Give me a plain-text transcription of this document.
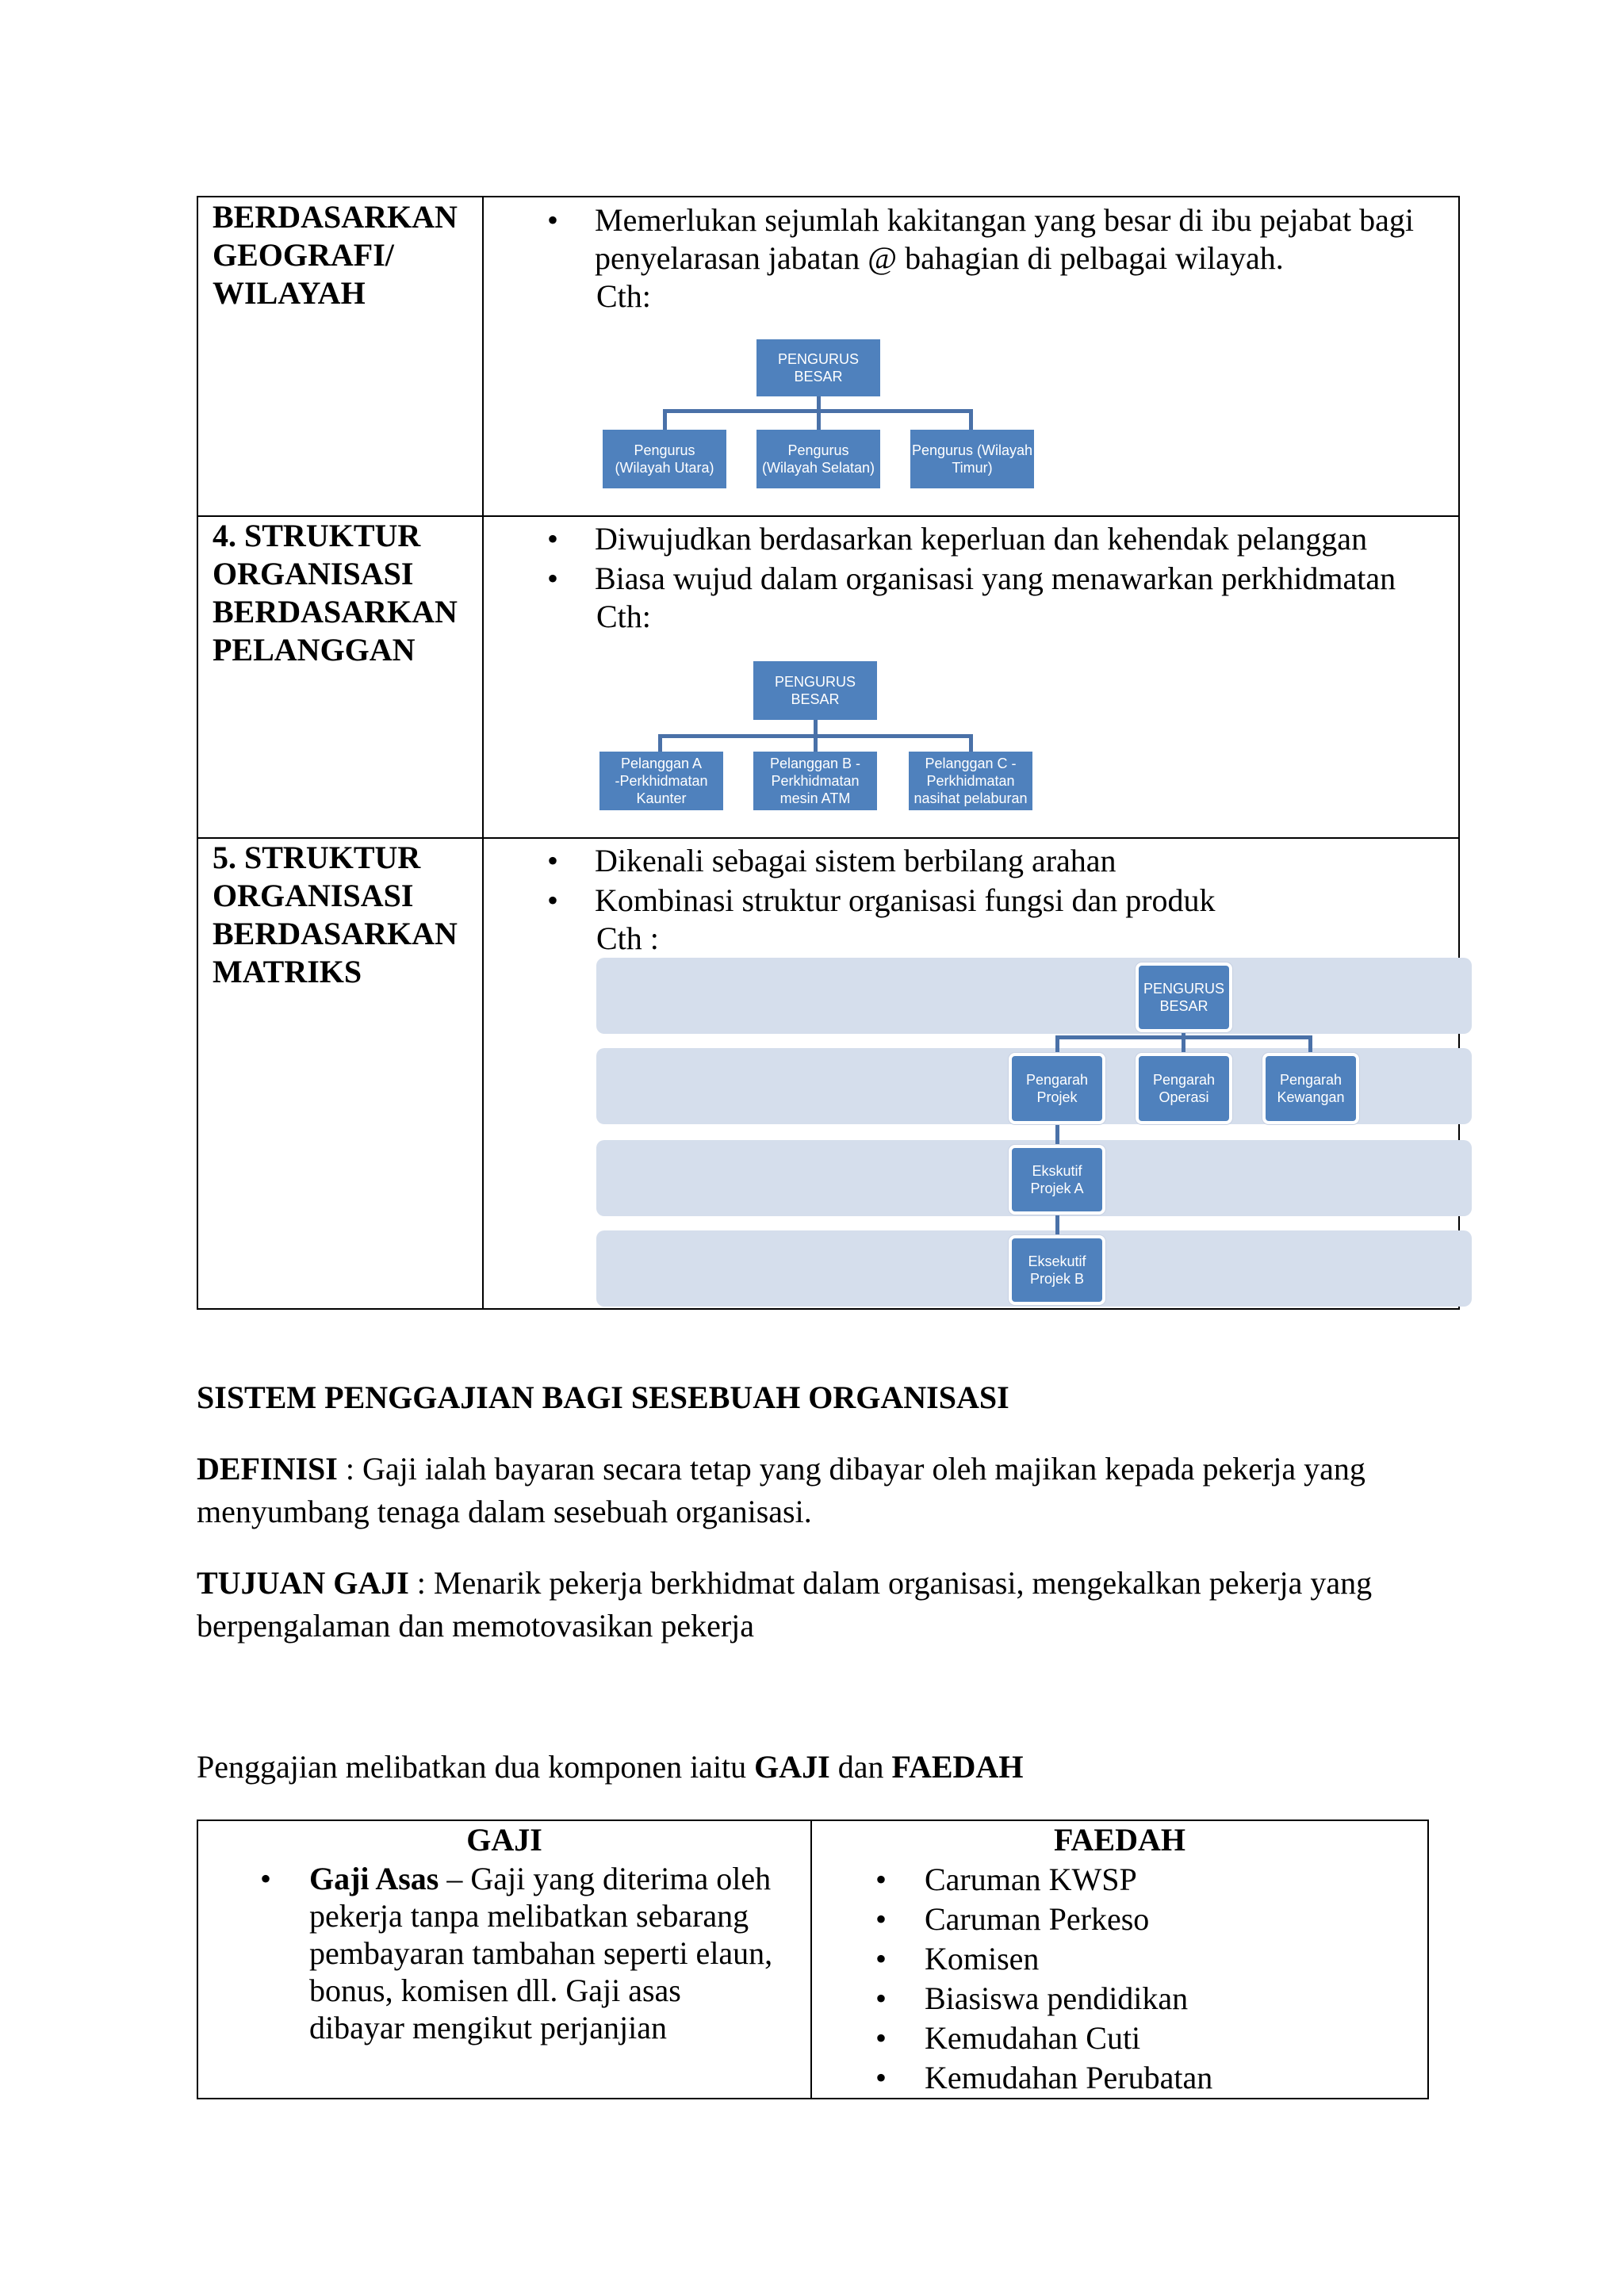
BERDASARKAN
GEOGRAFI/
WILAYAH
• Memerlukan sejumlah kakitangan yang besar di ibu pejabat bagi
penyelarasan jabatan @ bahagian di pelbagai wilayah.
Cth:
PENGURUS BESAR
Pengurus
(Wilayah Utara)
Pengurus
(Wilayah Selatan)
Pengurus (Wilayah
Timur)
4. STRUKTUR
ORGANISASI
BERDASARKAN
PELANGGAN
• Diwujudkan berdasarkan keperluan dan kehendak pelanggan
• Biasa wujud dalam organisasi yang menawarkan perkhidmatan
Cth:
PENGURUS BESAR
Pelanggan A
-Perkhidmatan
Kaunter
Pelanggan B -
Perkhidmatan
mesin ATM
Pelanggan C -
Perkhidmatan
nasihat pelaburan
5. STRUKTUR
ORGANISASI
BERDASARKAN
MATRIKS
• Dikenali sebagai sistem berbilang arahan
• Kombinasi struktur organisasi fungsi dan produk
Cth :
PENGURUS
BESAR
Pengarah
Projek
Pengarah
Operasi
Pengarah
Kewangan
Ekskutif
Projek A
Eksekutif
Projek B
SISTEM PENGGAJIAN BAGI SESEBUAH ORGANISASI
DEFINISI : Gaji ialah bayaran secara tetap yang dibayar oleh majikan kepada pekerja yang
menyumbang tenaga dalam sesebuah organisasi.
TUJUAN GAJI : Menarik pekerja berkhidmat dalam organisasi, mengekalkan pekerja yang
berpengalaman dan memotovasikan pekerja
Penggajian melibatkan dua komponen iaitu GAJI dan FAEDAH
GAJI	FAEDAH
• Gaji Asas – Gaji yang diterima oleh
pekerja tanpa melibatkan sebarang
pembayaran tambahan seperti elaun,
bonus, komisen dll. Gaji asas
dibayar mengikut perjanjian
• Caruman KWSP
• Caruman Perkeso
• Komisen
• Biasiswa pendidikan
• Kemudahan Cuti
• Kemudahan Perubatan
